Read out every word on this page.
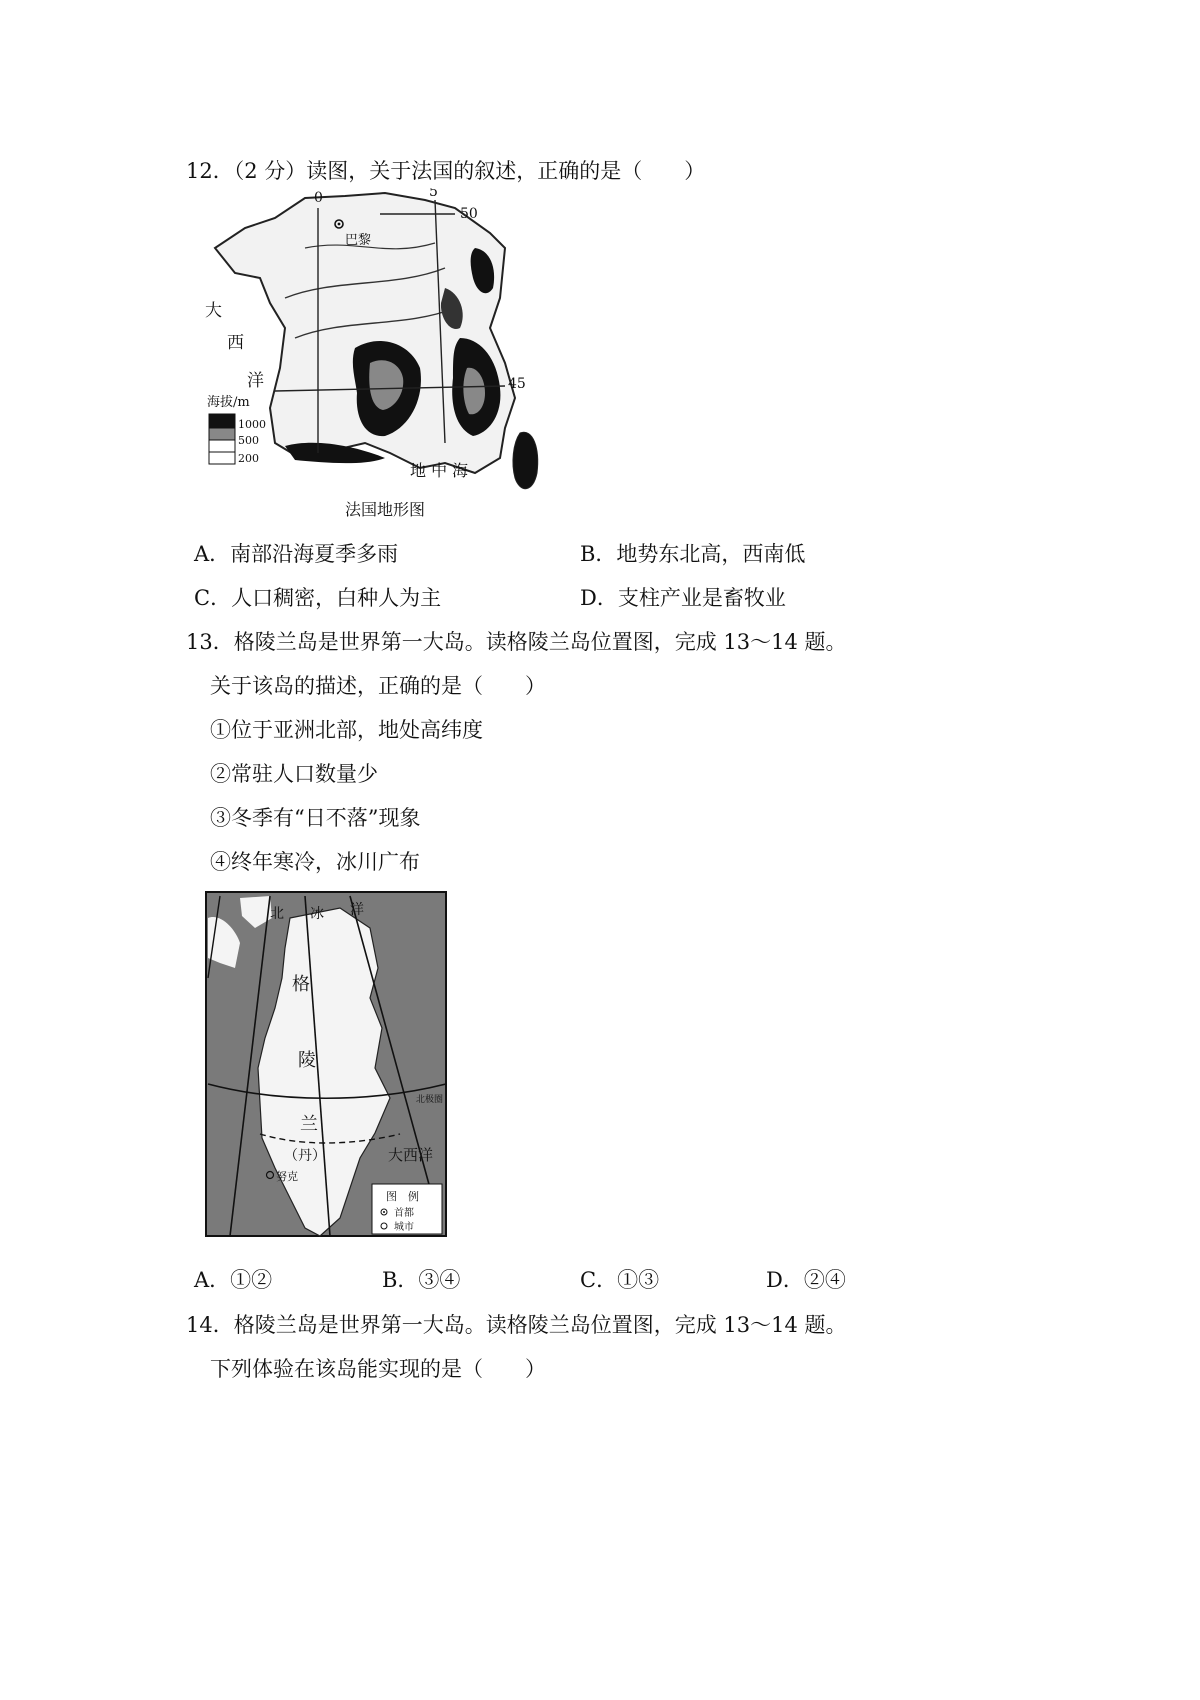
12．（2 分）读图，关于法国的叙述，正确的是（　　）
0	5
50
45
巴黎
大
西
洋
地 中 海
海拔/m
1000
500
200
法国地形图
A．南部沿海夏季多雨	B．地势东北高，西南低
C．人口稠密，白种人为主	D．支柱产业是畜牧业
13．格陵兰岛是世界第一大岛。读格陵兰岛位置图，完成 13～14 题。
关于该岛的描述，正确的是（　　）
①位于亚洲北部，地处高纬度
②常驻人口数量少
③冬季有“日不落”现象
④终年寒冷，冰川广布
北 冰 洋
格
陵
兰
（丹）
努克
大西洋
北极圈
图　例
首都
城市
A．①②	B．③④	C．①③	D．②④
14．格陵兰岛是世界第一大岛。读格陵兰岛位置图，完成 13～14 题。
下列体验在该岛能实现的是（　　）
